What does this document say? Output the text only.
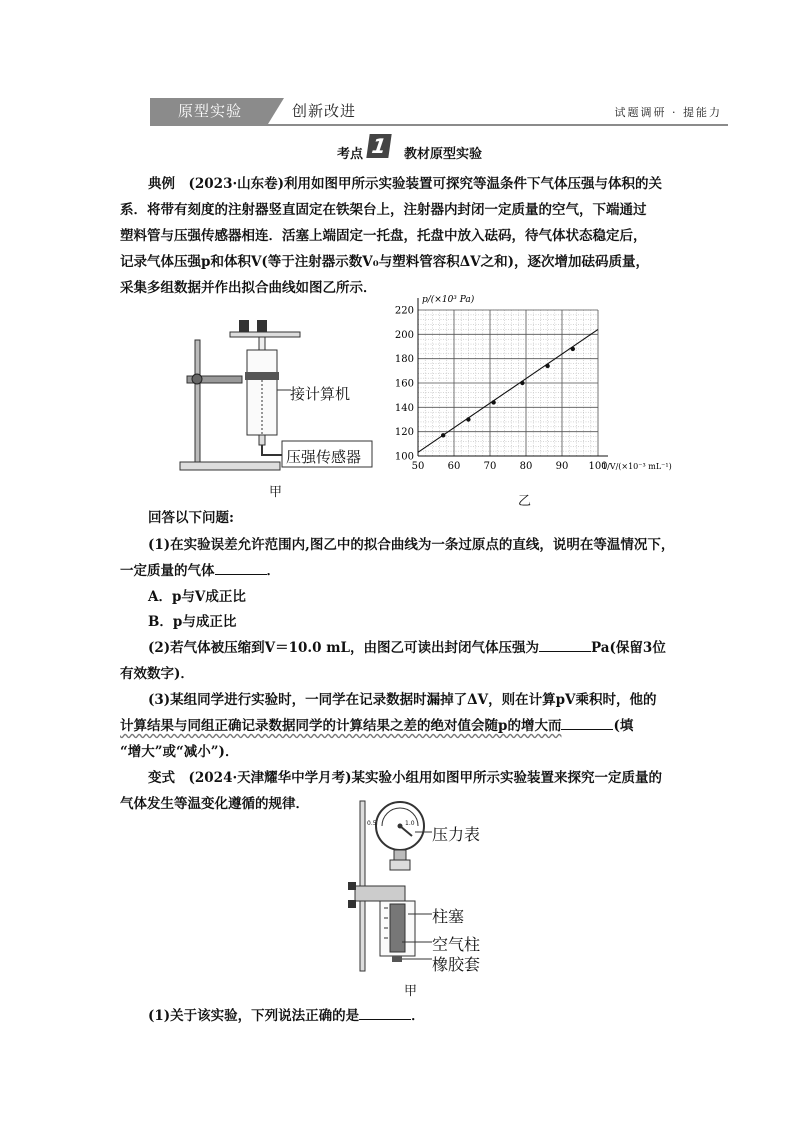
原型实验	创新改进	试题调研 · 提能力
考点 1	教材原型实验
典例　(2023·山东卷)利用如图甲所示实验装置可探究等温条件下气体压强与体积的关
系．将带有刻度的注射器竖直固定在铁架台上，注射器内封闭一定质量的空气，下端通过
塑料管与压强传感器相连．活塞上端固定一托盘，托盘中放入砝码，待气体状态稳定后，
记录气体压强p和体积V(等于注射器示数V₀与塑料管容积ΔV之和)，逐次增加砝码质量，
采集多组数据并作出拟合曲线如图乙所示．
接计算机
压强传感器
甲
50 60 70 80 90 100
100
120
140
160
180
200
220
p/(×10³ Pa)
1/V/(×10⁻³ mL⁻¹)
乙
回答以下问题:
(1)在实验误差允许范围内,图乙中的拟合曲线为一条过原点的直线，说明在等温情况下，
一定质量的气体	．
A．p与V成正比
B．p与成正比
(2)若气体被压缩到V＝10.0 mL，由图乙可读出封闭气体压强为	Pa(保留3位
有效数字)．
(3)某组同学进行实验时，一同学在记录数据时漏掉了ΔV，则在计算pV乘积时，他的
计算结果与同组正确记录数据同学的计算结果之差的绝对值会随p的增大而	(填
“增大”或“减小”)．
变式　(2024·天津耀华中学月考)某实验小组用如图甲所示实验装置来探究一定质量的
气体发生等温变化遵循的规律．
0.5	1.0
压力表
柱塞
空气柱
橡胶套
甲
(1)关于该实验，下列说法正确的是	．
